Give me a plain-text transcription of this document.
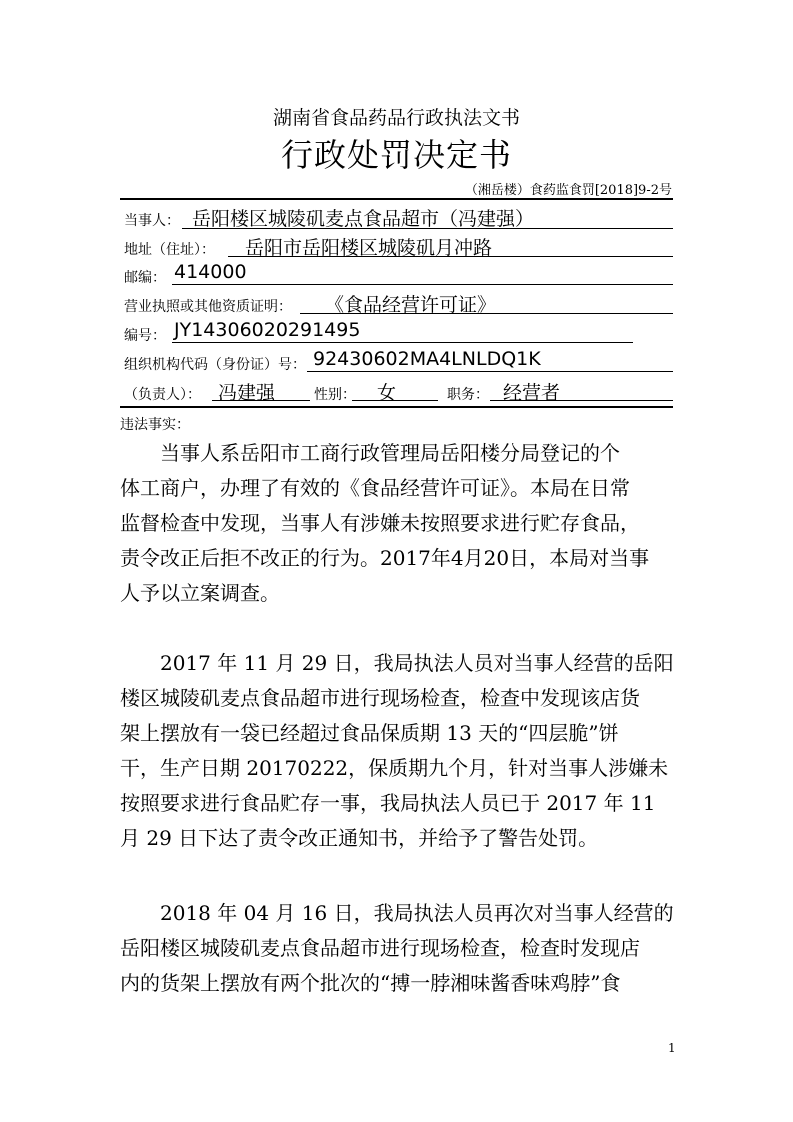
湖南省食品药品行政执法文书
行政处罚决定书
（湘岳楼）食药监食罚[2018]9-2号
当事人： 岳阳楼区城陵矶麦点食品超市（冯建强）
地址（住址）： 岳阳市岳阳楼区城陵矶月冲路
邮编： 414000
营业执照或其他资质证明： 《食品经营许可证》
编号： JY14306020291495
组织机构代码（身份证）号： 92430602MA4LNLDQ1K
（负责人）： 冯建强	性别： 女	职务： 经营者
违法事实：
　　当事人系岳阳市工商行政管理局岳阳楼分局登记的个
体工商户，办理了有效的《食品经营许可证》。本局在日常
监督检查中发现，当事人有涉嫌未按照要求进行贮存食品，
责令改正后拒不改正的行为。2017年4月20日，本局对当事
人予以立案调查。
　　2017 年 11 月 29 日，我局执法人员对当事人经营的岳阳
楼区城陵矶麦点食品超市进行现场检查，检查中发现该店货
架上摆放有一袋已经超过食品保质期 13 天的“四层脆”饼
干，生产日期 20170222，保质期九个月，针对当事人涉嫌未
按照要求进行食品贮存一事，我局执法人员已于 2017 年 11
月 29 日下达了责令改正通知书，并给予了警告处罚。
　　2018 年 04 月 16 日，我局执法人员再次对当事人经营的
岳阳楼区城陵矶麦点食品超市进行现场检查，检查时发现店
内的货架上摆放有两个批次的“搏一脖湘味酱香味鸡脖”食
1
